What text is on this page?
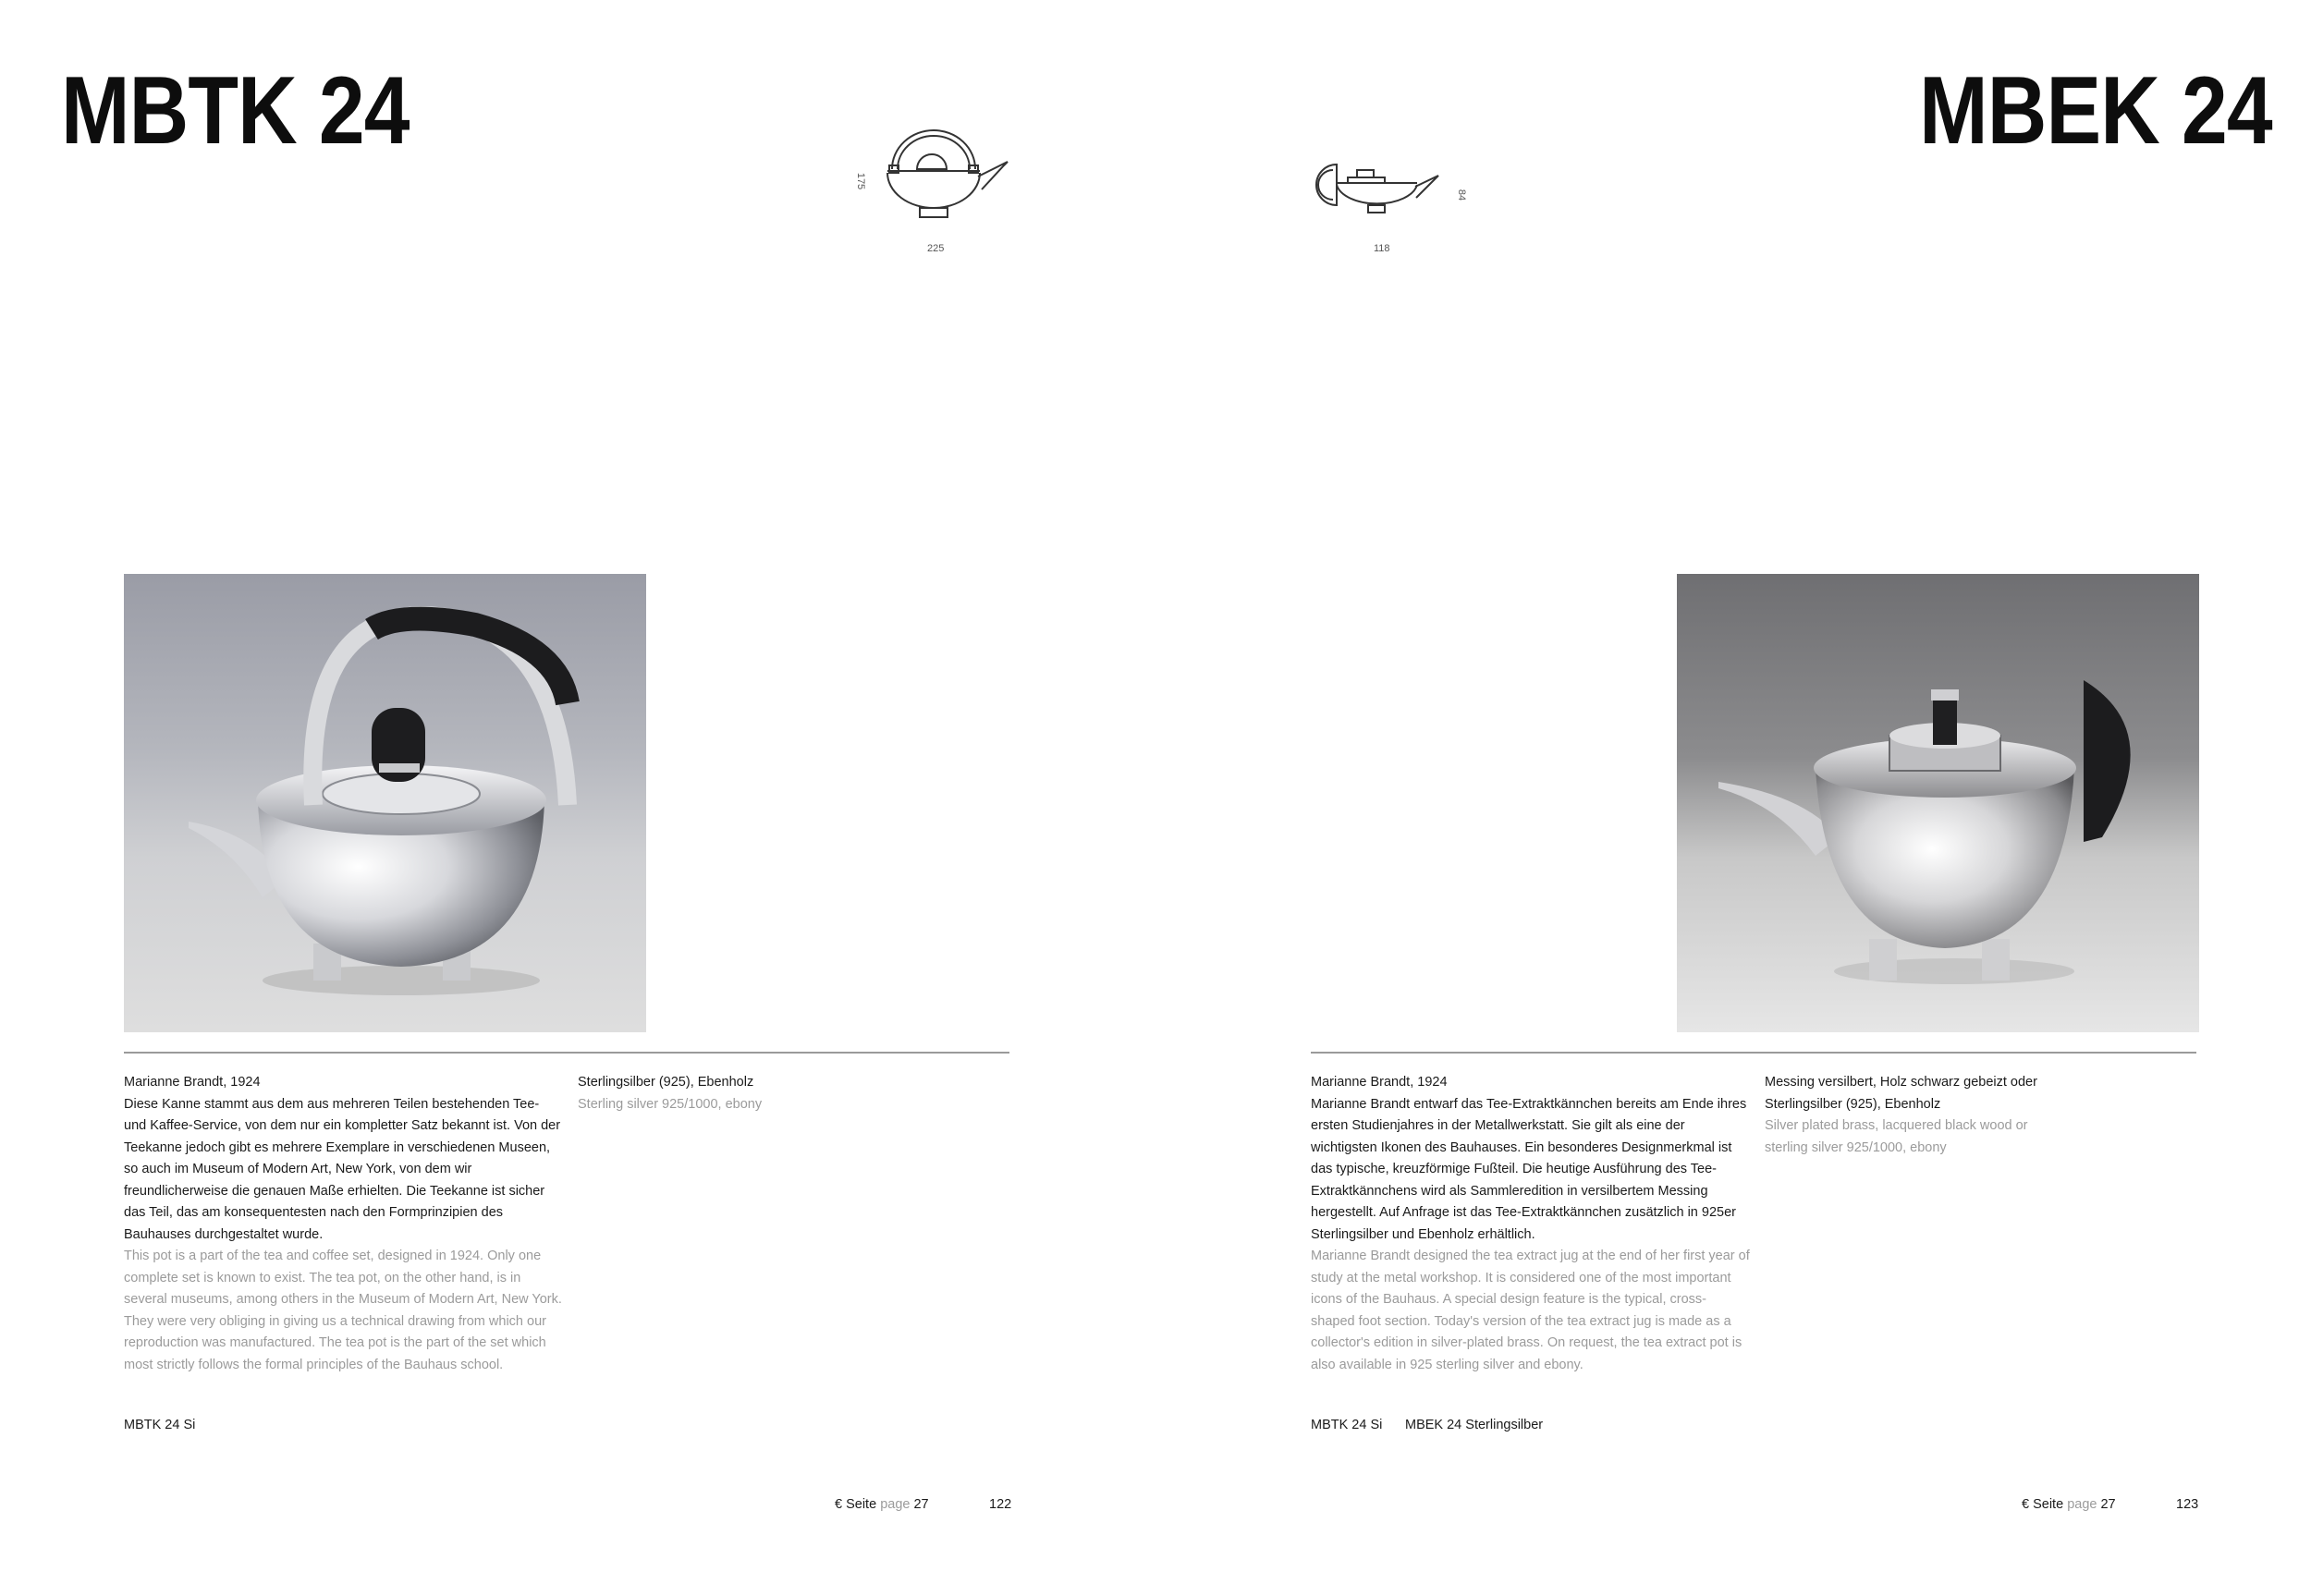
MBTK 24	MBEK 24
175
225
84
118

Marianne Brandt, 1924

Diese Kanne stammt aus dem aus mehreren Teilen bestehenden Tee- und Kaffee-Service, von dem nur ein kompletter Satz bekannt ist. Von der Teekanne jedoch gibt es mehrere Exemplare in verschiedenen Museen, so auch im Museum of Modern Art, New York, von dem wir freundlicherweise die genauen Maße erhielten. Die Teekanne ist sicher das Teil, das am konsequentesten nach den Formprinzipien des Bauhauses durchgestaltet wurde.

This pot is a part of the tea and coffee set, designed in 1924. Only one complete set is known to exist. The tea pot, on the other hand, is in several museums, among others in the Museum of Modern Art, New York. They were very obliging in giving us a technical drawing from which our reproduction was manufactured. The tea pot is the part of the set which most strictly follows the formal principles of the Bauhaus school.

Sterlingsilber (925), Ebenholz

Sterling silver 925/1000, ebony

Marianne Brandt, 1924

Marianne Brandt entwarf das Tee-Extraktkännchen bereits am Ende ihres ersten Studienjahres in der Metallwerkstatt. Sie gilt als eine der wichtigsten Ikonen des Bauhauses. Ein besonderes Designmerkmal ist das typische, kreuzförmige Fußteil. Die heutige Ausführung des Tee-Extraktkännchens wird als Sammleredition in versilbertem Messing hergestellt. Auf Anfrage ist das Tee-Extraktkännchen zusätzlich in 925er Sterlingsilber und Ebenholz erhältlich.

Marianne Brandt designed the tea extract jug at the end of her first year of study at the metal workshop. It is considered one of the most important icons of the Bauhaus. A special design feature is the typical, cross-shaped foot section. Today's version of the tea extract jug is made as a collector's edition in silver-plated brass. On request, the tea extract pot is also available in 925 sterling silver and ebony.

Messing versilbert, Holz schwarz gebeizt oder Sterlingsilber (925), Ebenholz

Silver plated brass, lacquered black wood or sterling silver 925/1000, ebony

MBTK 24 Si	MBTK 24 Si MBEK 24 Sterlingsilber
€ Seite page 27	122	€ Seite page 27	123
